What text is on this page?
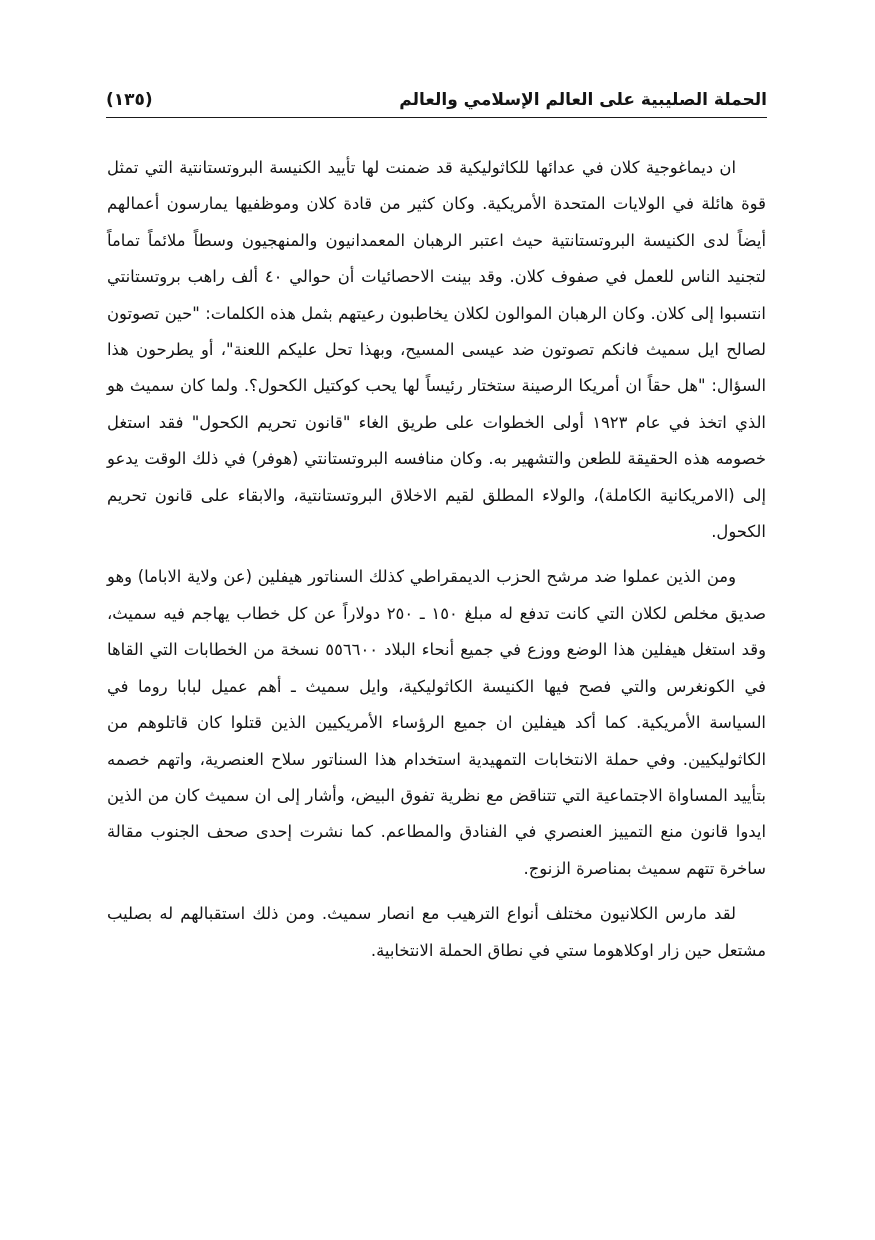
الحملة الصليبية على العالم الإسلامي والعالم
(١٣٥)

ان ديماغوجية كلان في عدائها للكاثوليكية قد ضمنت لها تأييد الكنيسة البروتستانتية التي تمثل قوة هائلة في الولايات المتحدة الأمريكية. وكان كثير من قادة كلان وموظفيها يمارسون أعمالهم أيضاً لدى الكنيسة البروتستانتية حيث اعتبر الرهبان المعمدانيون والمنهجيون وسطاً ملائماً تماماً لتجنيد الناس للعمل في صفوف كلان. وقد بينت الاحصائيات أن حوالي ٤٠ ألف راهب بروتستانتي انتسبوا إلى كلان. وكان الرهبان الموالون لكلان يخاطبون رعيتهم بثمل هذه الكلمات: "حين تصوتون لصالح ايل سميث فانكم تصوتون ضد عيسى المسيح، وبهذا تحل عليكم اللعنة"، أو يطرحون هذا السؤال: "هل حقاً ان أمريكا الرصينة ستختار رئيساً لها يحب كوكتيل الكحول؟. ولما كان سميث هو الذي اتخذ في عام ١٩٢٣ أولى الخطوات على طريق الغاء "قانون تحريم الكحول" فقد استغل خصومه هذه الحقيقة للطعن والتشهير به. وكان منافسه البروتستانتي (هوفر) في ذلك الوقت يدعو إلى (الامريكانية الكاملة)، والولاء المطلق لقيم الاخلاق البروتستانتية، والابقاء على قانون تحريم الكحول.

ومن الذين عملوا ضد مرشح الحزب الديمقراطي كذلك السناتور هيفلين (عن ولاية الاباما) وهو صديق مخلص لكلان التي كانت تدفع له مبلغ ١٥٠ ـ ٢٥٠ دولاراً عن كل خطاب يهاجم فيه سميث، وقد استغل هيفلين هذا الوضع ووزع في جميع أنحاء البلاد ٥٥٦٦٠٠ نسخة من الخطابات التي القاها في الكونغرس والتي فصح فيها الكنيسة الكاثوليكية، وايل سميث ـ أهم عميل لبابا روما في السياسة الأمريكية. كما أكد هيفلين ان جميع الرؤساء الأمريكيين الذين قتلوا كان قاتلوهم من الكاثوليكيين. وفي حملة الانتخابات التمهيدية استخدام هذا السناتور سلاح العنصرية، واتهم خصمه بتأييد المساواة الاجتماعية التي تتناقض مع نظرية تفوق البيض، وأشار إلى ان سميث كان من الذين ايدوا قانون منع التمييز العنصري في الفنادق والمطاعم. كما نشرت إحدى صحف الجنوب مقالة ساخرة تتهم سميث بمناصرة الزنوج.

لقد مارس الكلانيون مختلف أنواع الترهيب مع انصار سميث. ومن ذلك استقبالهم له بصليب مشتعل حين زار اوكلاهوما ستي في نطاق الحملة الانتخابية.
